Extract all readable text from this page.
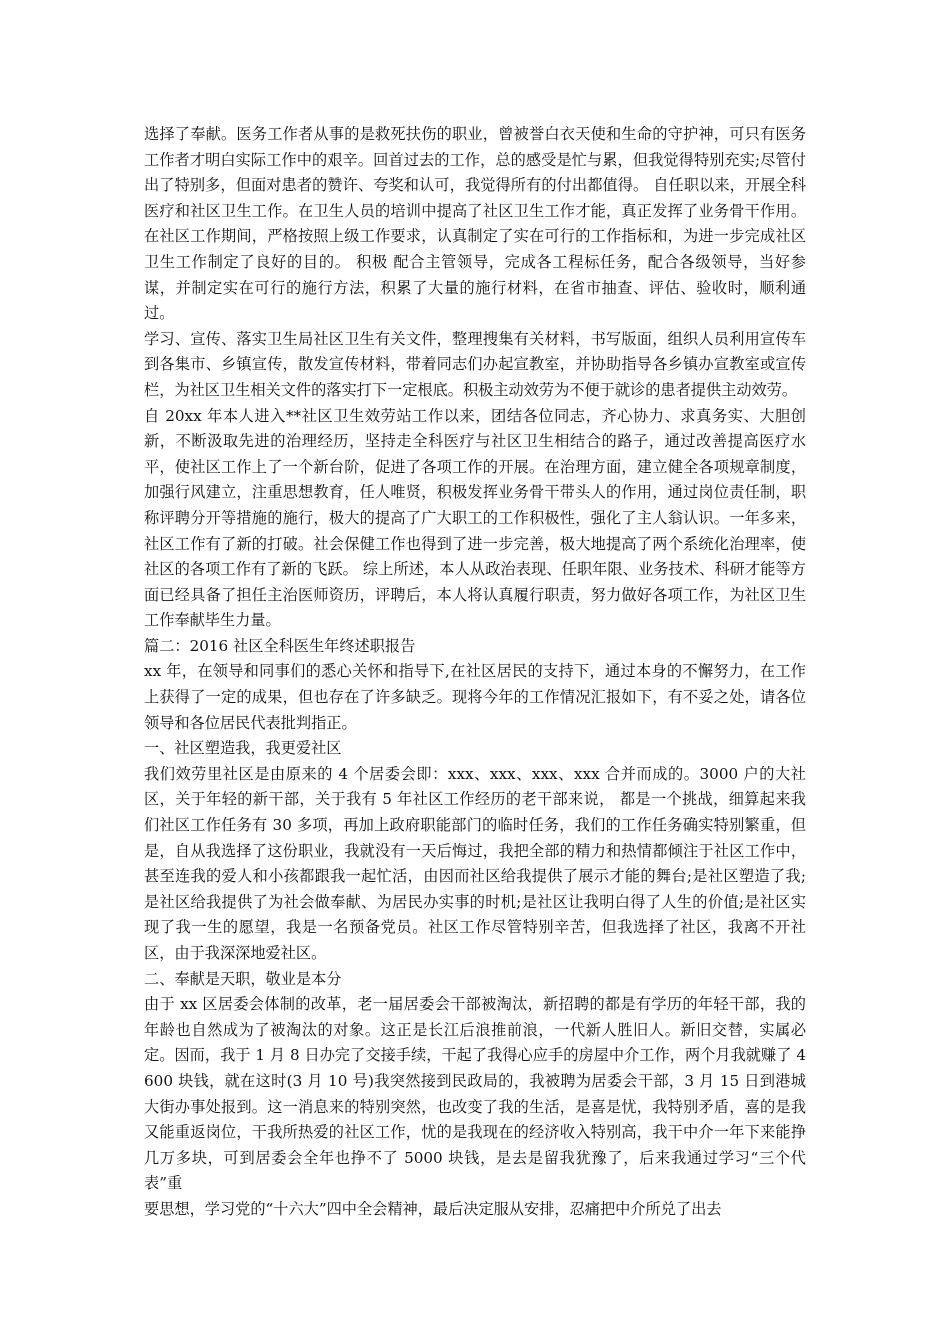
选择了奉献。医务工作者从事的是救死扶伤的职业，曾被誉白衣天使和生命的守护神，可只有医务工作者才明白实际工作中的艰辛。回首过去的工作，总的感受是忙与累，但我觉得特别充实;尽管付出了特别多，但面对患者的赞许、夸奖和认可，我觉得所有的付出都值得。 自任职以来，开展全科医疗和社区卫生工作。在卫生人员的培训中提高了社区卫生工作才能，真正发挥了业务骨干作用。 在社区工作期间，严格按照上级工作要求，认真制定了实在可行的工作指标和，为进一步完成社区卫生工作制定了良好的目的。 积极 配合主管领导，完成各工程标任务，配合各级领导，当好参谋，并制定实在可行的施行方法，积累了大量的施行材料，在省市抽查、评估、验收时，顺利通过。

学习、宣传、落实卫生局社区卫生有关文件，整理搜集有关材料，书写版面，组织人员利用宣传车到各集市、乡镇宣传，散发宣传材料，带着同志们办起宣教室，并协助指导各乡镇办宣教室或宣传栏，为社区卫生相关文件的落实打下一定根底。积极主动效劳为不便于就诊的患者提供主动效劳。

自 20xx 年本人进入**社区卫生效劳站工作以来，团结各位同志，齐心协力、求真务实、大胆创新，不断汲取先进的治理经历，坚持走全科医疗与社区卫生相结合的路子，通过改善提高医疗水平，使社区工作上了一个新台阶，促进了各项工作的开展。在治理方面，建立健全各项规章制度，加强行风建立，注重思想教育，任人唯贤，积极发挥业务骨干带头人的作用，通过岗位责任制，职称评聘分开等措施的施行，极大的提高了广大职工的工作积极性，强化了主人翁认识。一年多来，社区工作有了新的打破。社会保健工作也得到了进一步完善，极大地提高了两个系统化治理率，使社区的各项工作有了新的飞跃。 综上所述，本人从政治表现、任职年限、业务技术、科研才能等方面已经具备了担任主治医师资历，评聘后，本人将认真履行职责，努力做好各项工作，为社区卫生工作奉献毕生力量。

篇二：2016 社区全科医生年终述职报告

xx 年，在领导和同事们的悉心关怀和指导下,在社区居民的支持下，通过本身的不懈努力，在工作上获得了一定的成果，但也存在了许多缺乏。现将今年的工作情况汇报如下，有不妥之处，请各位领导和各位居民代表批判指正。

一、社区塑造我，我更爱社区

我们效劳里社区是由原来的 4 个居委会即：xxx、xxx、xxx、xxx 合并而成的。3000 户的大社区，关于年轻的新干部，关于我有 5 年社区工作经历的老干部来说， 都是一个挑战，细算起来我们社区工作任务有 30 多项，再加上政府职能部门的临时任务，我们的工作任务确实特别繁重，但是，自从我选择了这份职业，我就没有一天后悔过，我把全部的精力和热情都倾注于社区工作中，甚至连我的爱人和小孩都跟我一起忙活，由因而社区给我提供了展示才能的舞台;是社区塑造了我;是社区给我提供了为社会做奉献、为居民办实事的时机;是社区让我明白得了人生的价值;是社区实现了我一生的愿望，我是一名预备党员。社区工作尽管特别辛苦，但我选择了社区，我离不开社区，由于我深深地爱社区。

二、奉献是天职，敬业是本分

由于 xx 区居委会体制的改革，老一届居委会干部被淘汰，新招聘的都是有学历的年轻干部，我的年龄也自然成为了被淘汰的对象。这正是长江后浪推前浪，一代新人胜旧人。新旧交替，实属必定。因而，我于 1 月 8 日办完了交接手续，干起了我得心应手的房屋中介工作，两个月我就赚了 4600 块钱，就在这时(3 月 10 号)我突然接到民政局的，我被聘为居委会干部，3 月 15 日到港城大街办事处报到。这一消息来的特别突然，也改变了我的生活，是喜是忧，我特别矛盾，喜的是我又能重返岗位，干我所热爱的社区工作，忧的是我现在的经济收入特别高，我干中介一年下来能挣几万多块，可到居委会全年也挣不了 5000 块钱，是去是留我犹豫了，后来我通过学习“三个代表”重

要思想，学习党的“十六大”四中全会精神，最后决定服从安排，忍痛把中介所兑了出去
